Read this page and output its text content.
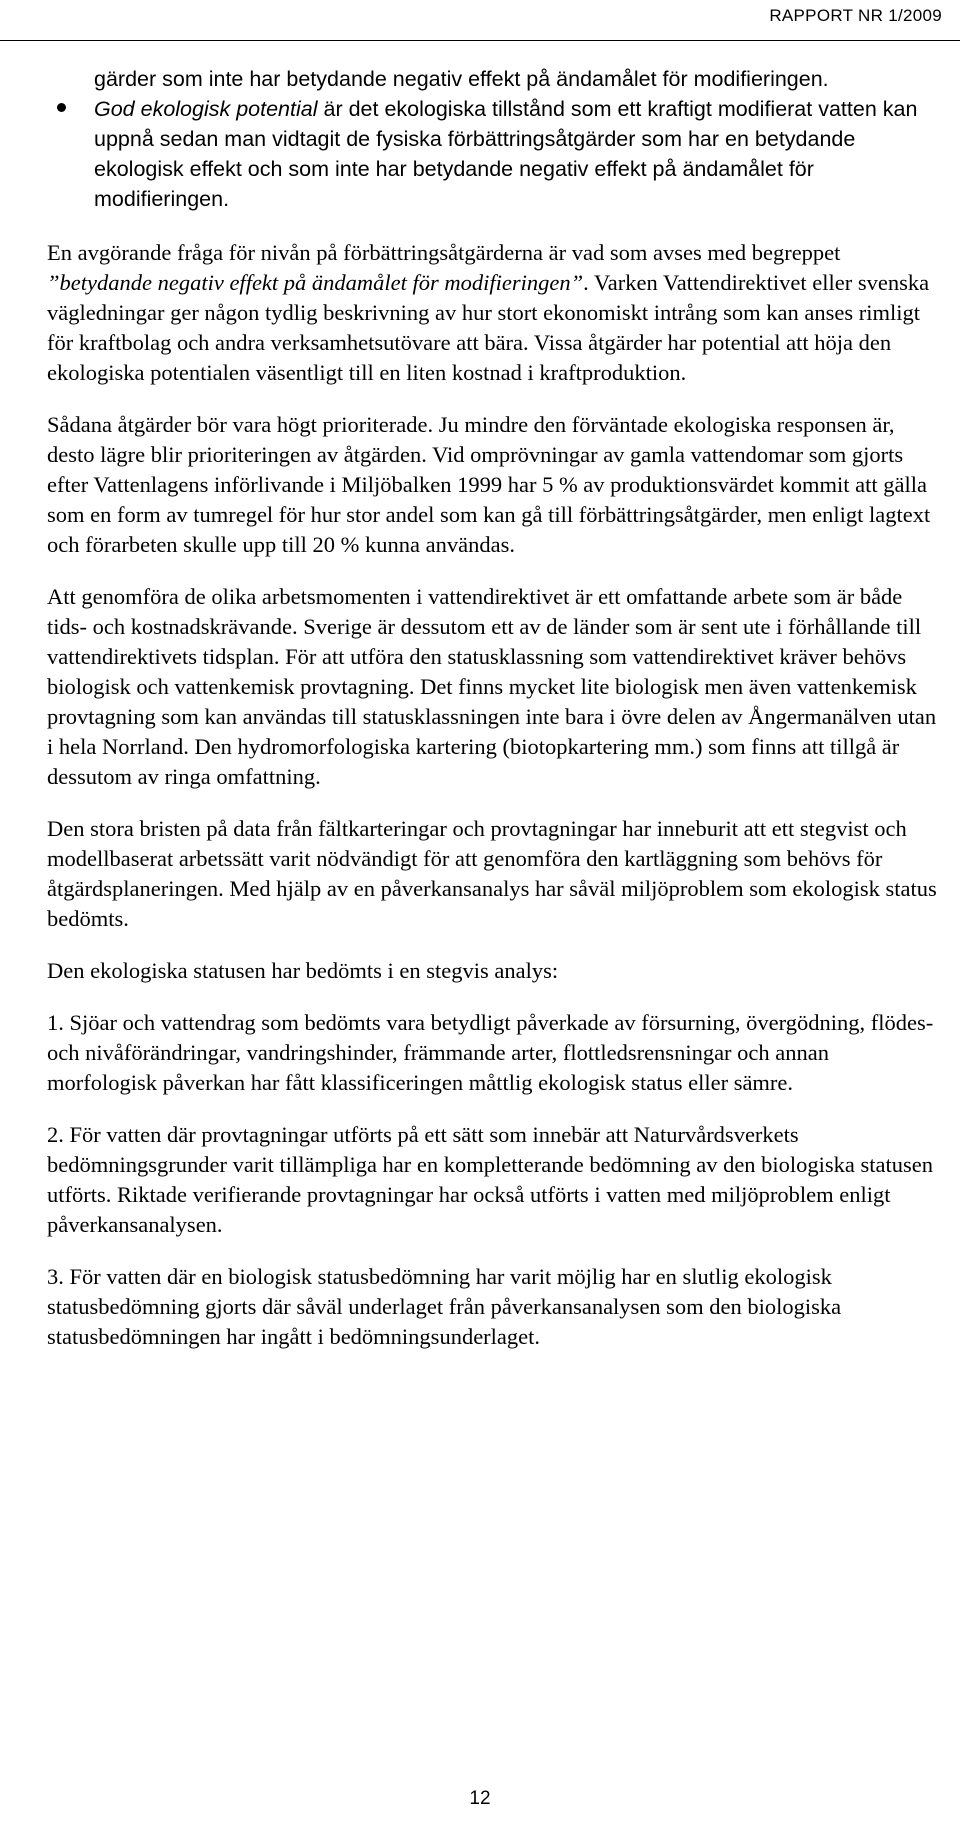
RAPPORT NR 1/2009

gärder som inte har betydande negativ effekt på ändamålet för modifieringen.

God ekologisk potential är det ekologiska tillstånd som ett kraftigt modifierat vatten kan uppnå sedan man vidtagit de fysiska förbättringsåtgärder som har en betydande ekologisk effekt och som inte har betydande negativ effekt på ändamålet för modifieringen.

En avgörande fråga för nivån på förbättringsåtgärderna är vad som avses med begreppet ”betydande negativ effekt på ändamålet för modifieringen”. Varken Vattendirektivet eller svenska vägledningar ger någon tydlig beskrivning av hur stort ekonomiskt intrång som kan anses rimligt för kraftbolag och andra verksamhetsutövare att bära. Vissa åtgärder har potential att höja den ekologiska potentialen väsentligt till en liten kostnad i kraftproduktion.

Sådana åtgärder bör vara högt prioriterade. Ju mindre den förväntade ekologiska responsen är, desto lägre blir prioriteringen av åtgärden. Vid omprövningar av gamla vattendomar som gjorts efter Vattenlagens införlivande i Miljöbalken 1999 har 5 % av produktionsvärdet kommit att gälla som en form av tumregel för hur stor andel som kan gå till förbättringsåtgärder, men enligt lagtext och förarbeten skulle upp till 20 % kunna användas.

Att genomföra de olika arbetsmomenten i vattendirektivet är ett omfattande arbete som är både tids- och kostnadskrävande. Sverige är dessutom ett av de länder som är sent ute i förhållande till vattendirektivets tidsplan. För att utföra den statusklassning som vattendirektivet kräver behövs biologisk och vattenkemisk provtagning. Det finns mycket lite biologisk men även vattenkemisk provtagning som kan användas till statusklassningen inte bara i övre delen av Ångermanälven utan i hela Norrland. Den hydromorfologiska kartering (biotopkartering mm.) som finns att tillgå är dessutom av ringa omfattning.

Den stora bristen på data från fältkarteringar och provtagningar har inneburit att ett stegvist och modellbaserat arbetssätt varit nödvändigt för att genomföra den kartläggning som behövs för åtgärdsplaneringen. Med hjälp av en påverkansanalys har såväl miljöproblem som ekologisk status bedömts.

Den ekologiska statusen har bedömts i en stegvis analys:

1. Sjöar och vattendrag som bedömts vara betydligt påverkade av försurning, övergödning, flödes- och nivåförändringar, vandringshinder, främmande arter, flottledsrensningar och annan morfologisk påverkan har fått klassificeringen måttlig ekologisk status eller sämre.

2. För vatten där provtagningar utförts på ett sätt som innebär att Naturvårdsverkets bedömningsgrunder varit tillämpliga har en kompletterande bedömning av den biologiska statusen utförts. Riktade verifierande provtagningar har också utförts i vatten med miljöproblem enligt påverkansanalysen.

3. För vatten där en biologisk statusbedömning har varit möjlig har en slutlig ekologisk statusbedömning gjorts där såväl underlaget från påverkansanalysen som den biologiska statusbedömningen har ingått i bedömningsunderlaget.

12
